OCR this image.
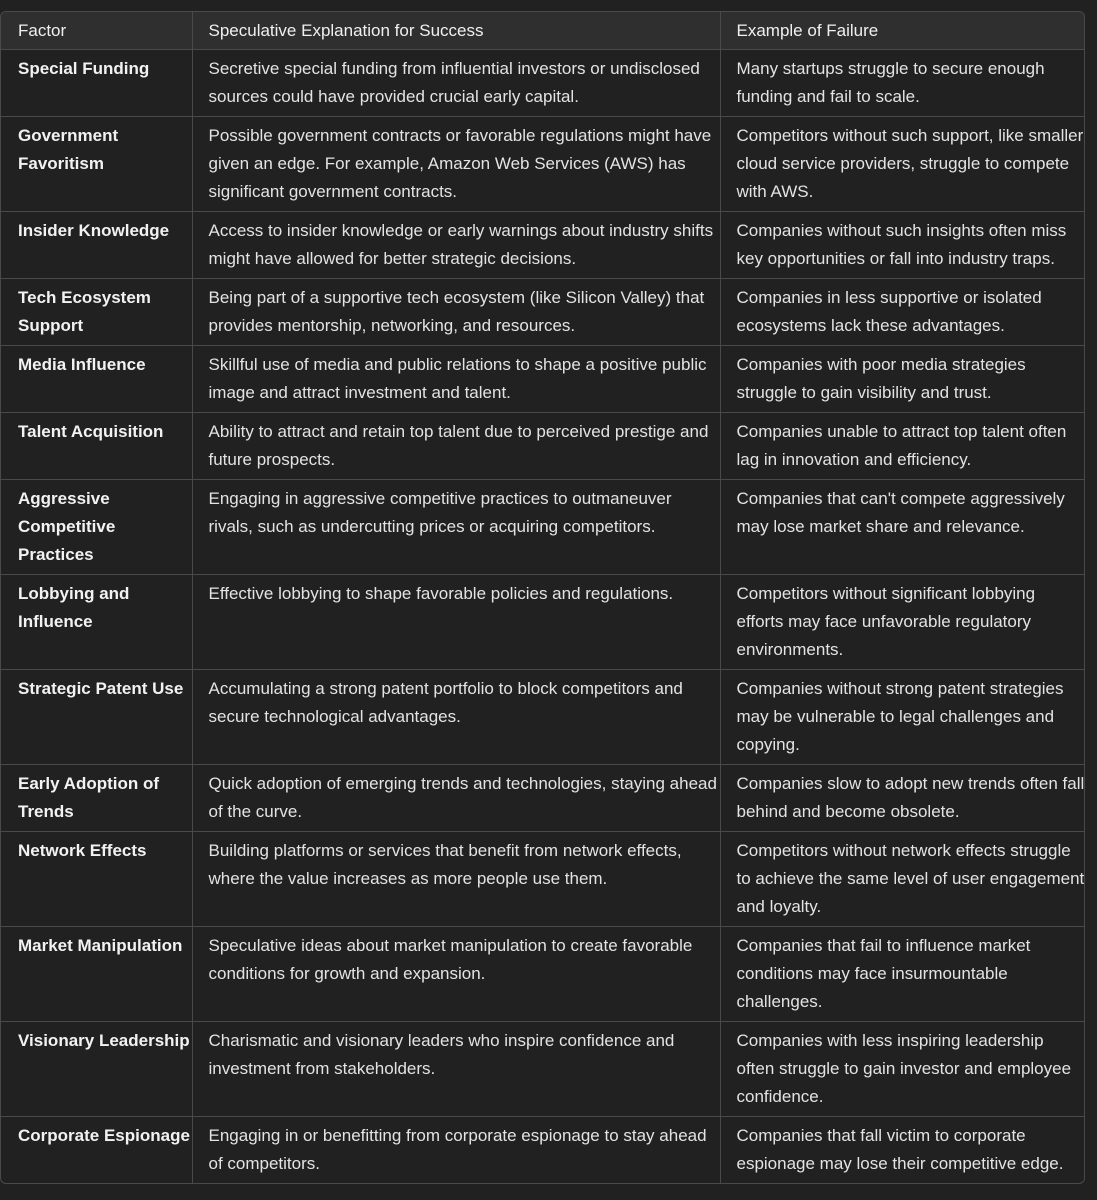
Factor	Speculative Explanation for Success	Example of Failure
Special Funding	Secretive special funding from influential investors or undisclosed sources could have provided crucial early capital.	Many startups struggle to secure enough funding and fail to scale.
Government Favoritism	Possible government contracts or favorable regulations might have given an edge. For example, Amazon Web Services (AWS) has significant government contracts.	Competitors without such support, like smaller cloud service providers, struggle to compete with AWS.
Insider Knowledge	Access to insider knowledge or early warnings about industry shifts might have allowed for better strategic decisions.	Companies without such insights often miss key opportunities or fall into industry traps.
Tech Ecosystem Support	Being part of a supportive tech ecosystem (like Silicon Valley) that provides mentorship, networking, and resources.	Companies in less supportive or isolated ecosystems lack these advantages.
Media Influence	Skillful use of media and public relations to shape a positive public image and attract investment and talent.	Companies with poor media strategies struggle to gain visibility and trust.
Talent Acquisition	Ability to attract and retain top talent due to perceived prestige and future prospects.	Companies unable to attract top talent often lag in innovation and efficiency.
Aggressive Competitive Practices	Engaging in aggressive competitive practices to outmaneuver rivals, such as undercutting prices or acquiring competitors.	Companies that can't compete aggressively may lose market share and relevance.
Lobbying and Influence	Effective lobbying to shape favorable policies and regulations.	Competitors without significant lobbying efforts may face unfavorable regulatory environments.
Strategic Patent Use	Accumulating a strong patent portfolio to block competitors and secure technological advantages.	Companies without strong patent strategies may be vulnerable to legal challenges and copying.
Early Adoption of Trends	Quick adoption of emerging trends and technologies, staying ahead of the curve.	Companies slow to adopt new trends often fall behind and become obsolete.
Network Effects	Building platforms or services that benefit from network effects, where the value increases as more people use them.	Competitors without network effects struggle to achieve the same level of user engagement and loyalty.
Market Manipulation	Speculative ideas about market manipulation to create favorable conditions for growth and expansion.	Companies that fail to influence market conditions may face insurmountable challenges.
Visionary Leadership	Charismatic and visionary leaders who inspire confidence and investment from stakeholders.	Companies with less inspiring leadership often struggle to gain investor and employee confidence.
Corporate Espionage	Engaging in or benefitting from corporate espionage to stay ahead of competitors.	Companies that fall victim to corporate espionage may lose their competitive edge.
